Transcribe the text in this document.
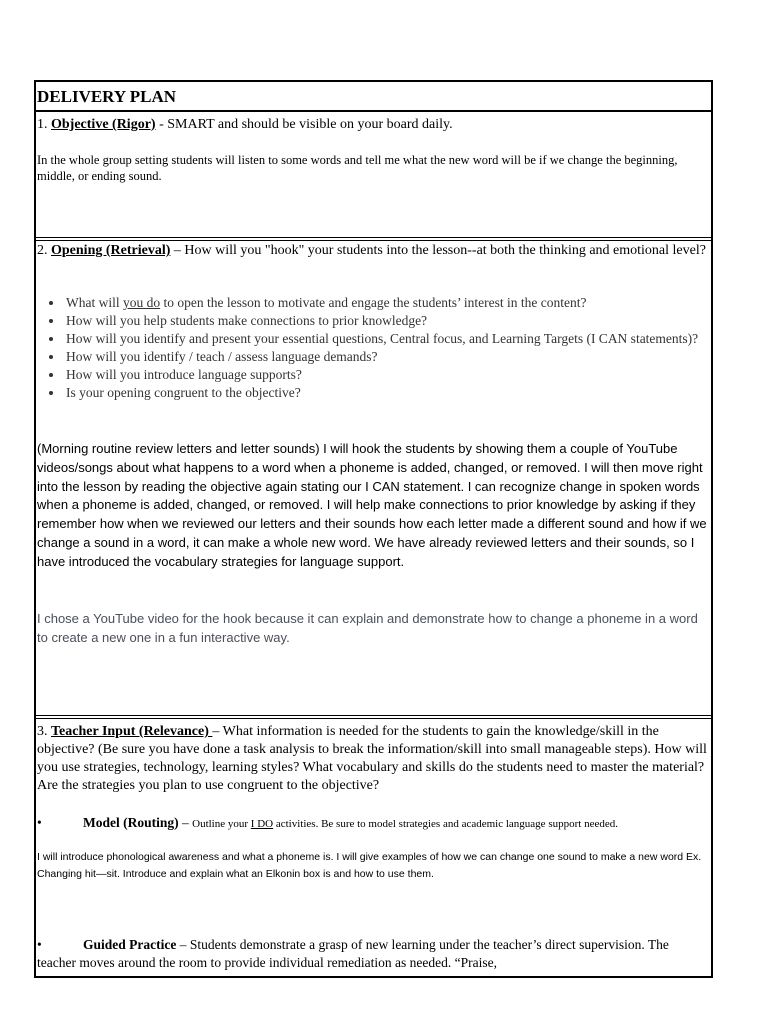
DELIVERY PLAN

1. Objective (Rigor) - SMART and should be visible on your board daily.

In the whole group setting students will listen to some words and tell me what the new word will be if we change the beginning, middle, or ending sound.

2. Opening (Retrieval) – How will you "hook" your students into the lesson--at both the thinking and emotional level?

• What will you do to open the lesson to motivate and engage the students’ interest in the content?
• How will you help students make connections to prior knowledge?
• How will you identify and present your essential questions, Central focus, and Learning Targets (I CAN statements)?
• How will you identify / teach / assess language demands?
• How will you introduce language supports?
• Is your opening congruent to the objective?

(Morning routine review letters and letter sounds) I will hook the students by showing them a couple of YouTube videos/songs about what happens to a word when a phoneme is added, changed, or removed. I will then move right into the lesson by reading the objective again stating our I CAN statement. I can recognize change in spoken words when a phoneme is added, changed, or removed. I will help make connections to prior knowledge by asking if they remember how when we reviewed our letters and their sounds how each letter made a different sound and how if we change a sound in a word, it can make a whole new word. We have already reviewed letters and their sounds, so I have introduced the vocabulary strategies for language support.

I chose a YouTube video for the hook because it can explain and demonstrate how to change a phoneme in a word to create a new one in a fun interactive way.

3. Teacher Input (Relevance) – What information is needed for the students to gain the knowledge/skill in the objective? (Be sure you have done a task analysis to break the information/skill into small manageable steps). How will you use strategies, technology, learning styles? What vocabulary and skills do the students need to master the material? Are the strategies you plan to use congruent to the objective?

•	Model (Routing) – Outline your I DO activities. Be sure to model strategies and academic language support needed.

I will introduce phonological awareness and what a phoneme is. I will give examples of how we can change one sound to make a new word Ex. Changing hit—sit. Introduce and explain what an Elkonin box is and how to use them.

•	Guided Practice – Students demonstrate a grasp of new learning under the teacher’s direct supervision. The teacher moves around the room to provide individual remediation as needed. “Praise,
